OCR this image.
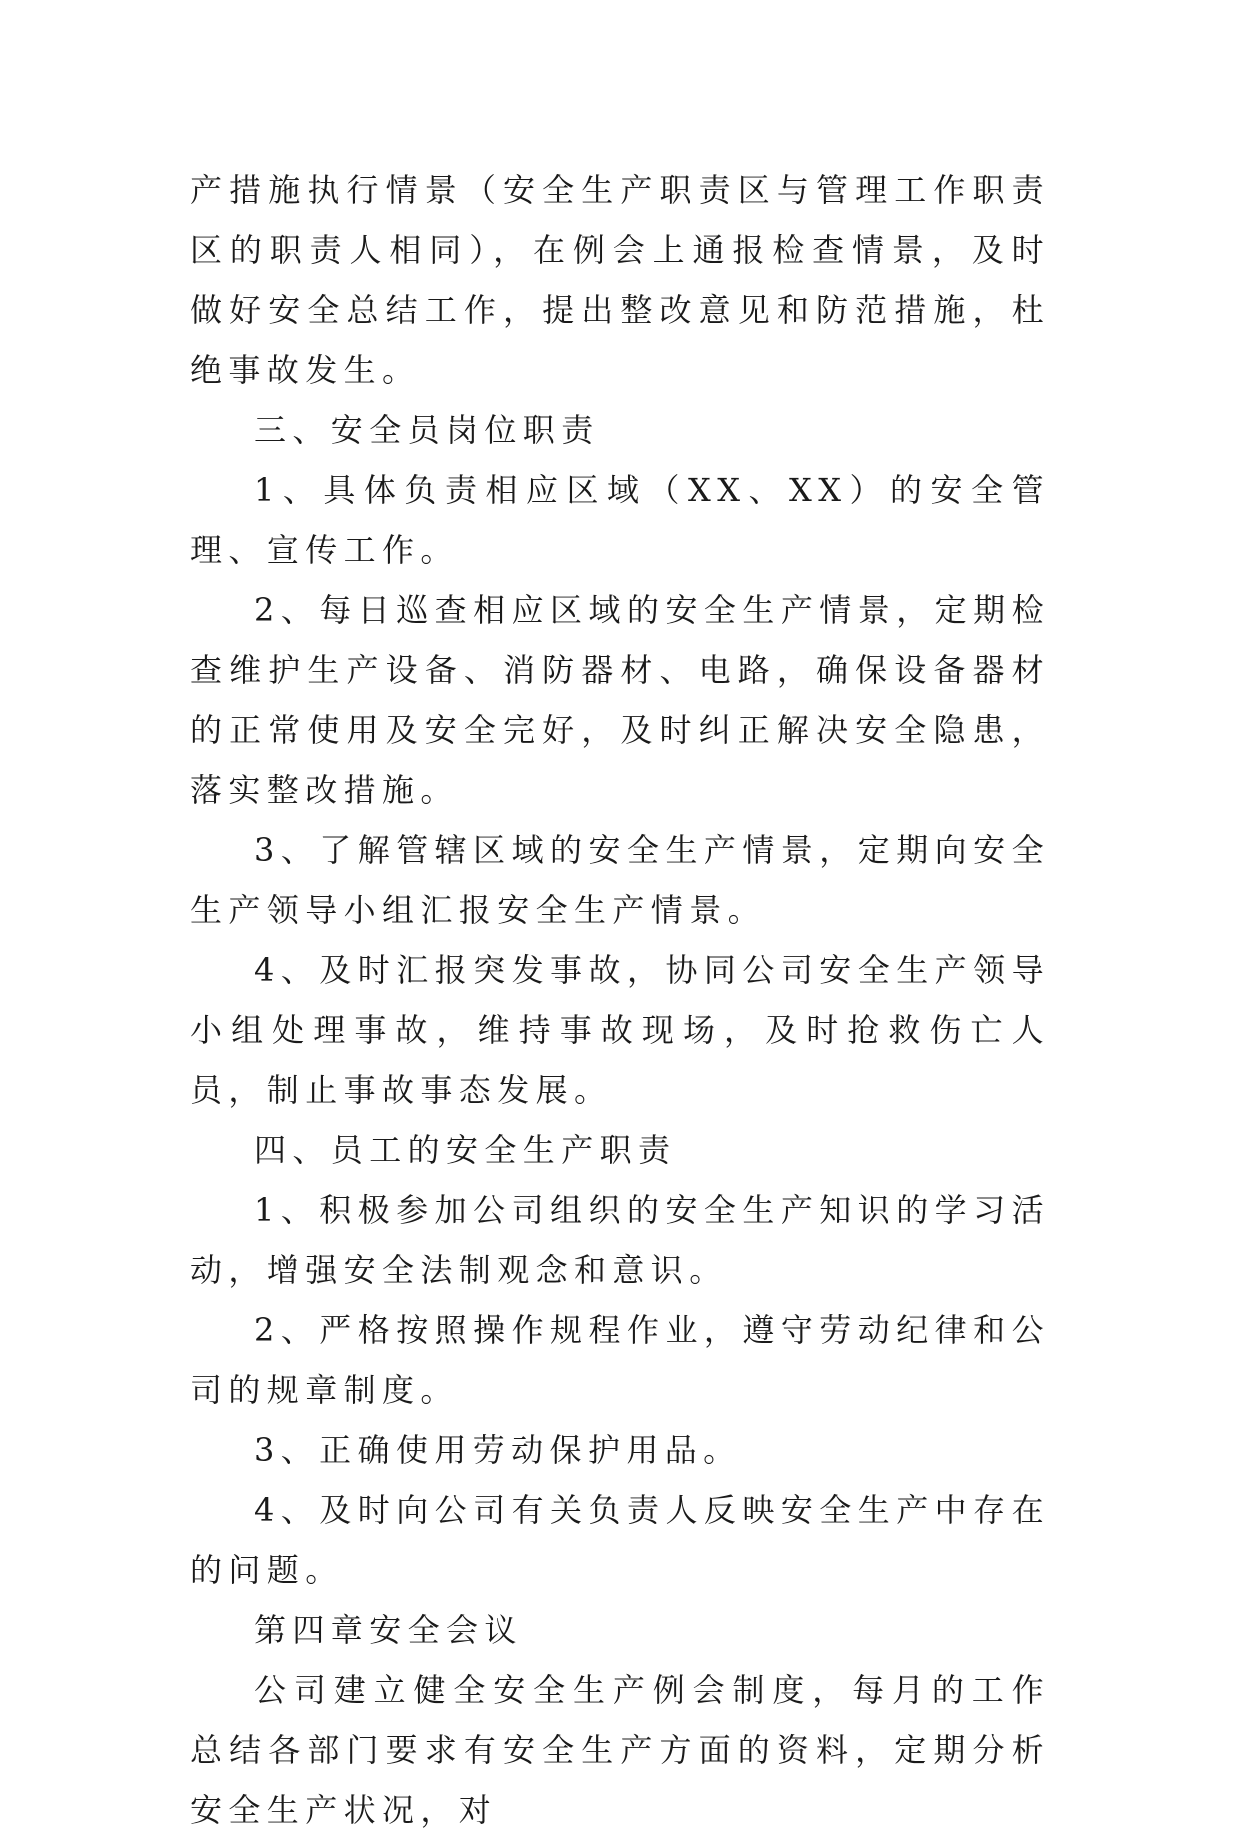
产措施执行情景（安全生产职责区与管理工作职责区的职责人相同），在例会上通报检查情景，及时做好安全总结工作，提出整改意见和防范措施，杜绝事故发生。

三、安全员岗位职责

1、具体负责相应区域（XX、XX）的安全管理、宣传工作。

2、每日巡查相应区域的安全生产情景，定期检查维护生产设备、消防器材、电路，确保设备器材的正常使用及安全完好，及时纠正解决安全隐患，落实整改措施。

3、了解管辖区域的安全生产情景，定期向安全生产领导小组汇报安全生产情景。

4、及时汇报突发事故，协同公司安全生产领导小组处理事故，维持事故现场，及时抢救伤亡人员，制止事故事态发展。

四、员工的安全生产职责

1、积极参加公司组织的安全生产知识的学习活动，增强安全法制观念和意识。

2、严格按照操作规程作业，遵守劳动纪律和公司的规章制度。

3、正确使用劳动保护用品。

4、及时向公司有关负责人反映安全生产中存在的问题。

第四章安全会议

公司建立健全安全生产例会制度，每月的工作总结各部门要求有安全生产方面的资料，定期分析安全生产状况，对
